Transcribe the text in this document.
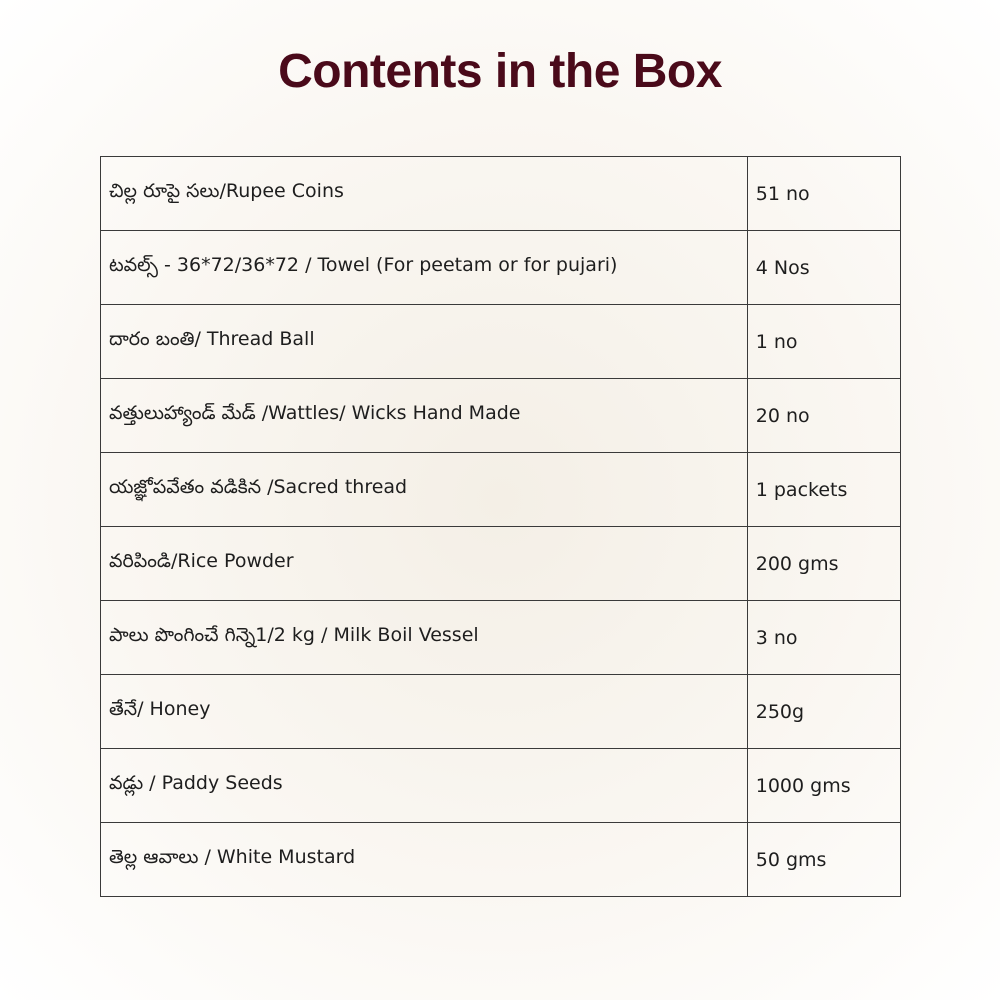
Contents in the Box
చిల్ల రూపై సలు/Rupee Coins	51 no
టవల్స్ - 36*72/36*72 / Towel (For peetam or for pujari)	4 Nos
దారం బంతి/ Thread Ball	1 no
వత్తులుహ్యాండ్ మేడ్ /Wattles/ Wicks Hand Made	20 no
యజ్ఞోపవేతం వడికిన /Sacred thread	1 packets
వరిపిండి/Rice Powder	200 gms
పాలు పొంగించే గిన్నె1/2 kg / Milk Boil Vessel	3 no
తేనే/ Honey	250g
వడ్లు / Paddy Seeds	1000 gms
తెల్ల ఆవాలు / White Mustard	50 gms
